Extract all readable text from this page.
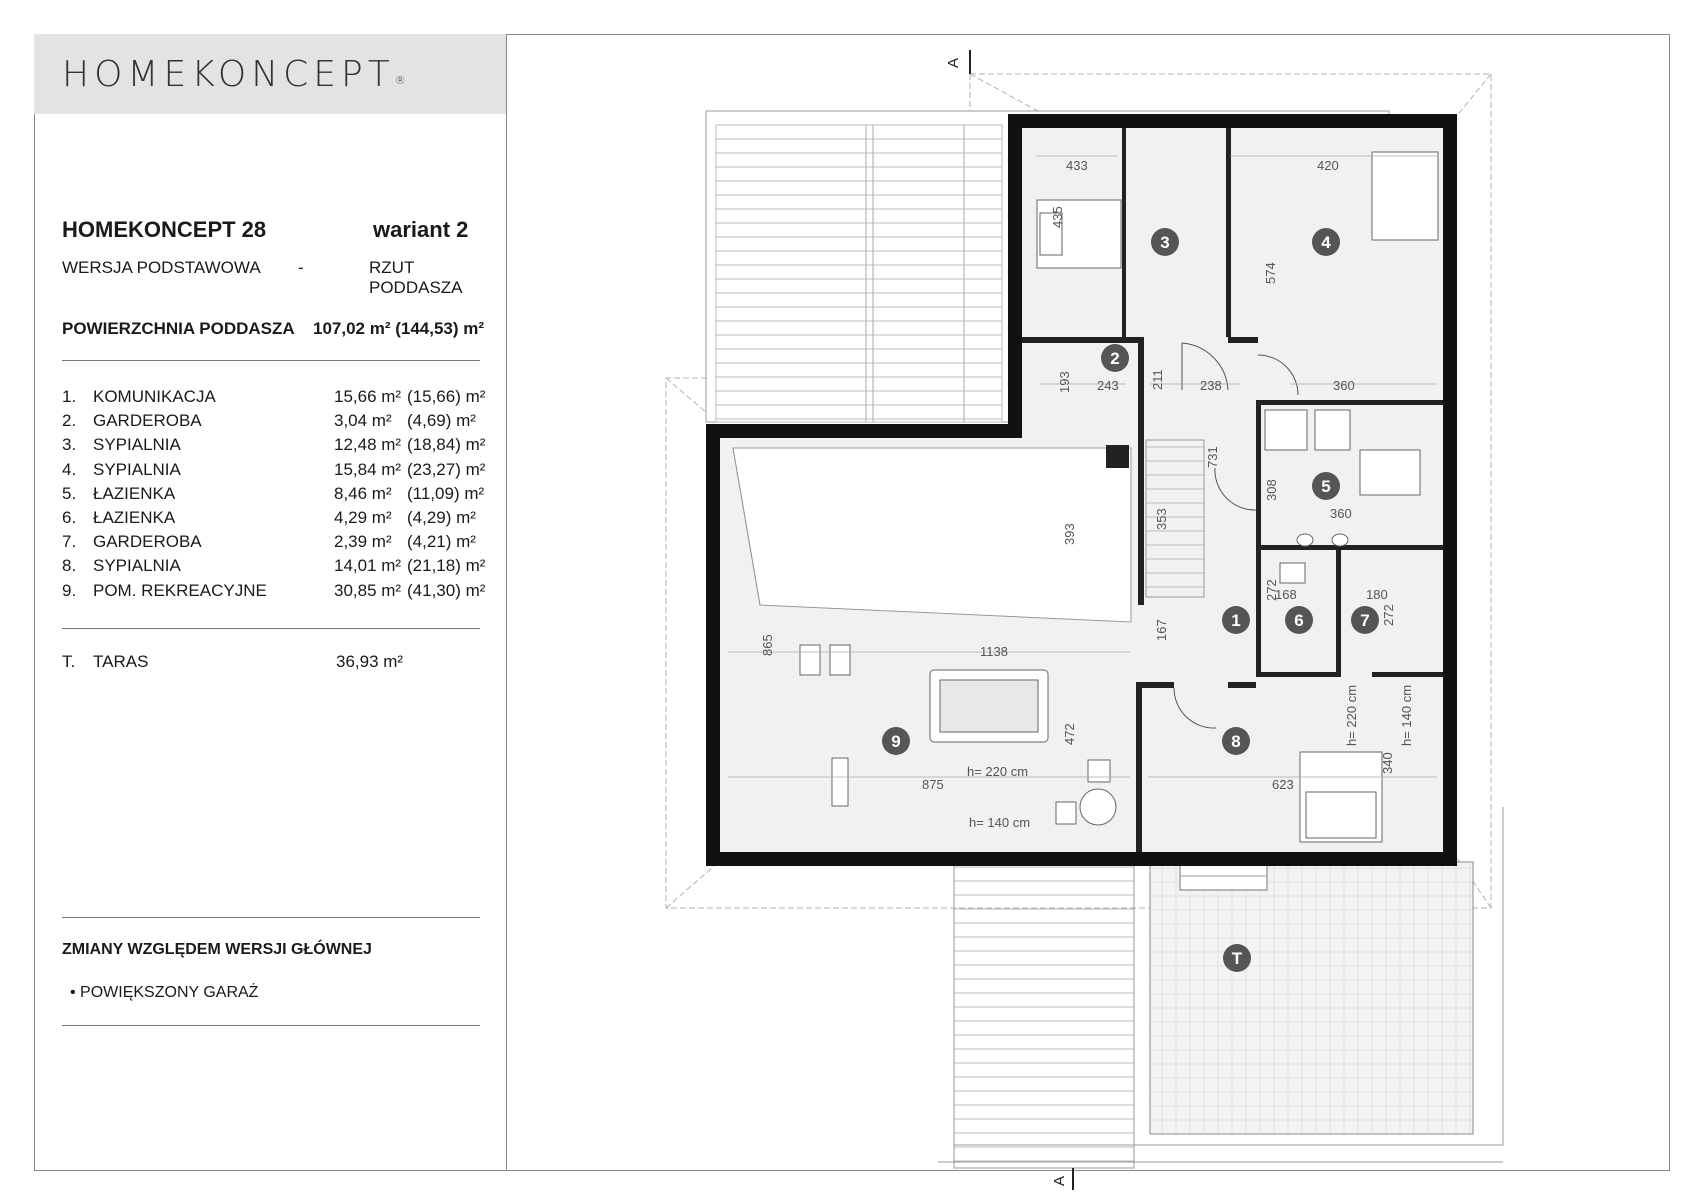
HOMEKONCEPT®
HOMEKONCEPT 28	wariant 2
WERSJA PODSTAWOWA -	RZUT PODDASZA
POWIERZCHNIA PODDASZA 107,02 m² (144,53) m²
1. KOMUNIKACJA	15,66 m² (15,66) m²
2. GARDEROBA	3,04 m² (4,69) m²
3. SYPIALNIA	12,48 m² (18,84) m²
4. SYPIALNIA	15,84 m² (23,27) m²
5. ŁAZIENKA	8,46 m² (11,09) m²
6. ŁAZIENKA	4,29 m² (4,29) m²
7. GARDEROBA	2,39 m² (4,21) m²
8. SYPIALNIA	14,01 m² (21,18) m²
9. POM. REKREACYJNE	30,85 m² (41,30) m²
T. TARAS	36,93 m²
ZMIANY WZGLĘDEM WERSJI GŁÓWNEJ
• POWIĘKSZONY GARAŻ
433	420
435
574
193 243 211	238	360
731
308
360
393
353
272
168	180
272
865
167
1138
472
875	623
340
h= 220 cm
h= 140 cm
h= 220 cm	h= 140 cm
1
2
3	4
5
6	7
8
9
T
A
A
